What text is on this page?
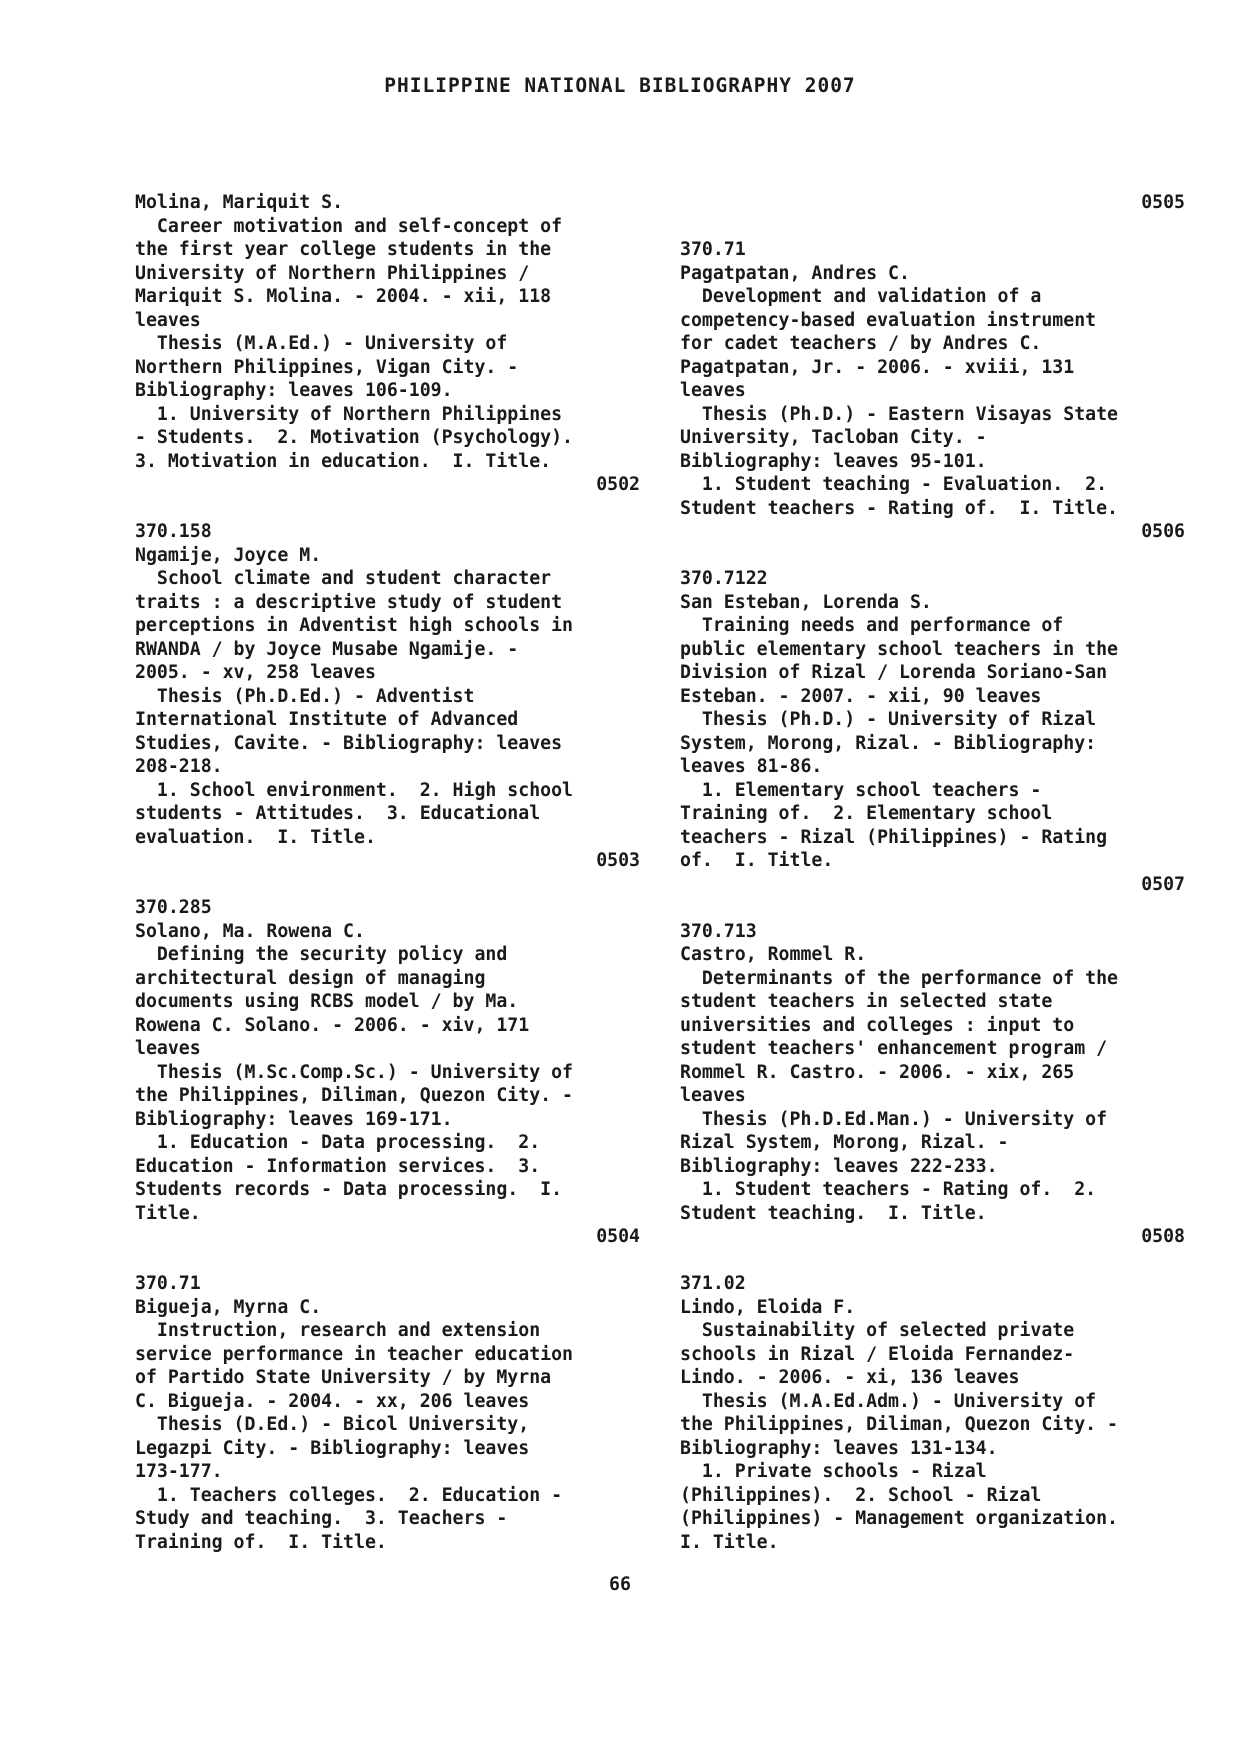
PHILIPPINE NATIONAL BIBLIOGRAPHY 2007
Molina, Mariquit S.
Career motivation and self-concept of
the first year college students in the
University of Northern Philippines /
Mariquit S. Molina. - 2004. - xii, 118
leaves
Thesis (M.A.Ed.) - University of
Northern Philippines, Vigan City. -
Bibliography: leaves 106-109.
1. University of Northern Philippines
- Students.  2. Motivation (Psychology).
3. Motivation in education.  I. Title.
0502
370.158
Ngamije, Joyce M.
School climate and student character
traits : a descriptive study of student
perceptions in Adventist high schools in
RWANDA / by Joyce Musabe Ngamije. -
2005. - xv, 258 leaves
Thesis (Ph.D.Ed.) - Adventist
International Institute of Advanced
Studies, Cavite. - Bibliography: leaves
208-218.
1. School environment.  2. High school
students - Attitudes.  3. Educational
evaluation.  I. Title.
0503
370.285
Solano, Ma. Rowena C.
Defining the security policy and
architectural design of managing
documents using RCBS model / by Ma.
Rowena C. Solano. - 2006. - xiv, 171
leaves
Thesis (M.Sc.Comp.Sc.) - University of
the Philippines, Diliman, Quezon City. -
Bibliography: leaves 169-171.
1. Education - Data processing.  2.
Education - Information services.  3.
Students records - Data processing.  I.
Title.
0504
370.71
Bigueja, Myrna C.
Instruction, research and extension
service performance in teacher education
of Partido State University / by Myrna
C. Bigueja. - 2004. - xx, 206 leaves
Thesis (D.Ed.) - Bicol University,
Legazpi City. - Bibliography: leaves
173-177.
1. Teachers colleges.  2. Education -
Study and teaching.  3. Teachers -
Training of.  I. Title.
0505
370.71
Pagatpatan, Andres C.
Development and validation of a
competency-based evaluation instrument
for cadet teachers / by Andres C.
Pagatpatan, Jr. - 2006. - xviii, 131
leaves
Thesis (Ph.D.) - Eastern Visayas State
University, Tacloban City. -
Bibliography: leaves 95-101.
1. Student teaching - Evaluation.  2.
Student teachers - Rating of.  I. Title.
0506
370.7122
San Esteban, Lorenda S.
Training needs and performance of
public elementary school teachers in the
Division of Rizal / Lorenda Soriano-San
Esteban. - 2007. - xii, 90 leaves
Thesis (Ph.D.) - University of Rizal
System, Morong, Rizal. - Bibliography:
leaves 81-86.
1. Elementary school teachers -
Training of.  2. Elementary school
teachers - Rizal (Philippines) - Rating
of.  I. Title.
0507
370.713
Castro, Rommel R.
Determinants of the performance of the
student teachers in selected state
universities and colleges : input to
student teachers' enhancement program /
Rommel R. Castro. - 2006. - xix, 265
leaves
Thesis (Ph.D.Ed.Man.) - University of
Rizal System, Morong, Rizal. -
Bibliography: leaves 222-233.
1. Student teachers - Rating of.  2.
Student teaching.  I. Title.
0508
371.02
Lindo, Eloida F.
Sustainability of selected private
schools in Rizal / Eloida Fernandez-
Lindo. - 2006. - xi, 136 leaves
Thesis (M.A.Ed.Adm.) - University of
the Philippines, Diliman, Quezon City. -
Bibliography: leaves 131-134.
1. Private schools - Rizal
(Philippines).  2. School - Rizal
(Philippines) - Management organization.
I. Title.
66
